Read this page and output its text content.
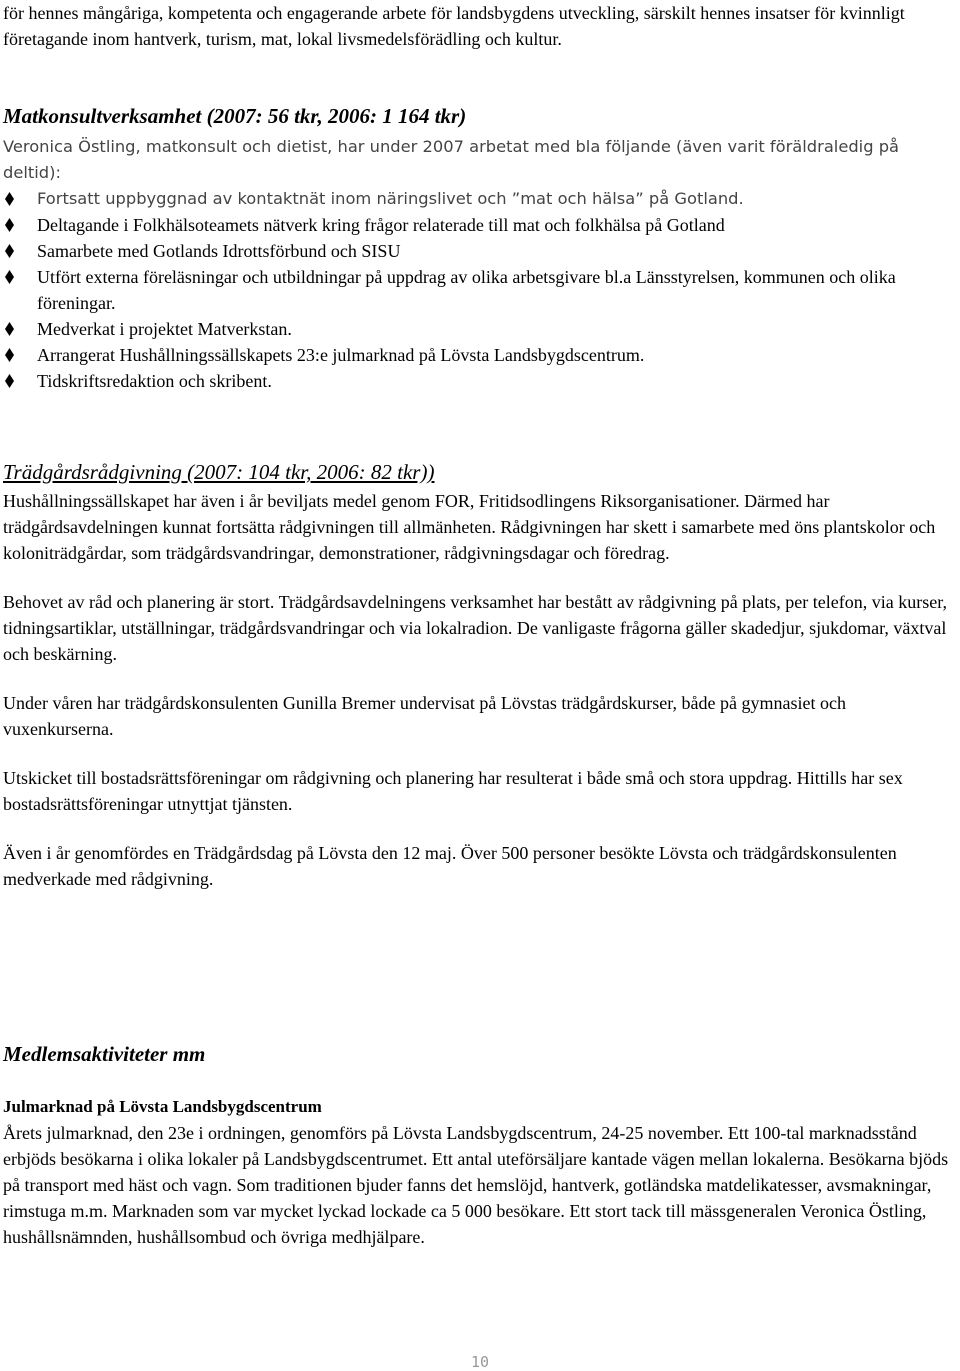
för hennes mångåriga, kompetenta och engagerande arbete för landsbygdens utveckling, särskilt hennes insatser för kvinnligt företagande inom hantverk, turism, mat, lokal livsmedelsförädling och kultur.

Matkonsultverksamhet (2007: 56 tkr, 2006: 1 164 tkr)

Veronica Östling, matkonsult och dietist, har under 2007 arbetat med bla följande (även varit föräldraledig på deltid):

Fortsatt uppbyggnad av kontaktnät inom näringslivet och ”mat och hälsa” på Gotland.
Deltagande i Folkhälsoteamets nätverk kring frågor relaterade till mat och folkhälsa på Gotland
Samarbete med Gotlands Idrottsförbund och SISU
Utfört externa föreläsningar och utbildningar på uppdrag av olika arbetsgivare bl.a Länsstyrelsen, kommunen och olika föreningar.
Medverkat i projektet Matverkstan.
Arrangerat Hushållningssällskapets 23:e julmarknad på Lövsta Landsbygdscentrum.
Tidskriftsredaktion och skribent.
Trädgårdsrådgivning (2007: 104 tkr, 2006: 82 tkr))

Hushållningssällskapet har även i år beviljats medel genom FOR, Fritidsodlingens Riksorganisationer. Därmed har trädgårdsavdelningen kunnat fortsätta rådgivningen till allmänheten. Rådgivningen har skett i samarbete med öns plantskolor och koloniträdgårdar, som trädgårdsvandringar, demonstrationer, rådgivningsdagar och föredrag.

Behovet av råd och planering är stort. Trädgårdsavdelningens verksamhet har bestått av rådgivning på plats, per telefon, via kurser, tidningsartiklar, utställningar, trädgårdsvandringar och via lokalradion. De vanligaste frågorna gäller skadedjur, sjukdomar, växtval och beskärning.

Under våren har trädgårdskonsulenten Gunilla Bremer undervisat på Lövstas trädgårdskurser, både på gymnasiet och vuxenkurserna.

Utskicket till bostadsrättsföreningar om rådgivning och planering har resulterat i både små och stora uppdrag. Hittills har sex bostadsrättsföreningar utnyttjat tjänsten.

Även i år genomfördes en Trädgårdsdag på Lövsta den 12 maj. Över 500 personer besökte Lövsta och trädgårdskonsulenten medverkade med rådgivning.

Medlemsaktiviteter mm
Julmarknad på Lövsta Landsbygdscentrum

Årets julmarknad, den 23e i ordningen, genomförs på Lövsta Landsbygdscentrum, 24-25 november. Ett 100-tal marknadsstånd erbjöds besökarna i olika lokaler på Landsbygdscentrumet. Ett antal uteförsäljare kantade vägen mellan lokalerna. Besökarna bjöds på transport med häst och vagn. Som traditionen bjuder fanns det hemslöjd, hantverk, gotländska matdelikatesser, avsmakningar, rimstuga m.m. Marknaden som var mycket lyckad lockade ca 5 000 besökare. Ett stort tack till mässgeneralen Veronica Östling, hushållsnämnden, hushållsombud och övriga medhjälpare.

10
